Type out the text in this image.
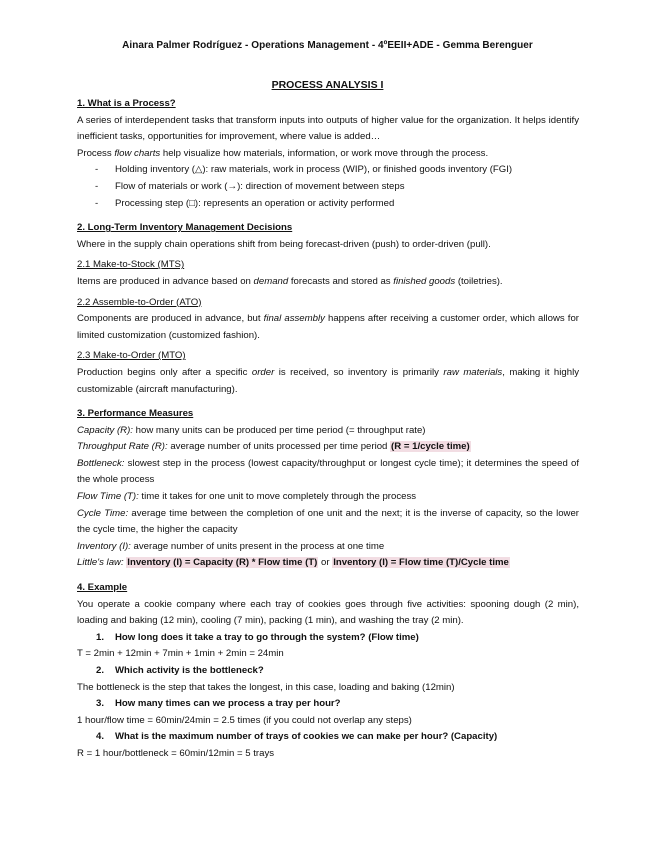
Ainara Palmer Rodríguez - Operations Management - 4ºEEII+ADE - Gemma Berenguer
PROCESS ANALYSIS I

1. What is a Process?

A series of interdependent tasks that transform inputs into outputs of higher value for the organization. It helps identify inefficient tasks, opportunities for improvement, where value is added…

Process flow charts help visualize how materials, information, or work move through the process.

- Holding inventory (△): raw materials, work in process (WIP), or finished goods inventory (FGI)
- Flow of materials or work (→): direction of movement between steps
- Processing step (□): represents an operation or activity performed

2. Long-Term Inventory Management Decisions

Where in the supply chain operations shift from being forecast-driven (push) to order-driven (pull).

2.1 Make-to-Stock (MTS)

Items are produced in advance based on demand forecasts and stored as finished goods (toiletries).

2.2 Assemble-to-Order (ATO)

Components are produced in advance, but final assembly happens after receiving a customer order, which allows for limited customization (customized fashion).

2.3 Make-to-Order (MTO)

Production begins only after a specific order is received, so inventory is primarily raw materials, making it highly customizable (aircraft manufacturing).

3. Performance Measures

Capacity (R): how many units can be produced per time period (= throughput rate)

Throughput Rate (R): average number of units processed per time period (R = 1/cycle time)

Bottleneck: slowest step in the process (lowest capacity/throughput or longest cycle time); it determines the speed of the whole process

Flow Time (T): time it takes for one unit to move completely through the process

Cycle Time: average time between the completion of one unit and the next; it is the inverse of capacity, so the lower the cycle time, the higher the capacity

Inventory (I): average number of units present in the process at one time

Little's law: Inventory (I) = Capacity (R) * Flow time (T) or Inventory (I) = Flow time (T)/Cycle time

4. Example

You operate a cookie company where each tray of cookies goes through five activities: spooning dough (2 min), loading and baking (12 min), cooling (7 min), packing (1 min), and washing the tray (2 min).

1. How long does it take a tray to go through the system? (Flow time)

T = 2min + 12min + 7min + 1min + 2min = 24min

2. Which activity is the bottleneck?

The bottleneck is the step that takes the longest, in this case, loading and baking (12min)

3. How many times can we process a tray per hour?

1 hour/flow time = 60min/24min = 2.5 times (if you could not overlap any steps)

4. What is the maximum number of trays of cookies we can make per hour? (Capacity)

R = 1 hour/bottleneck = 60min/12min = 5 trays
